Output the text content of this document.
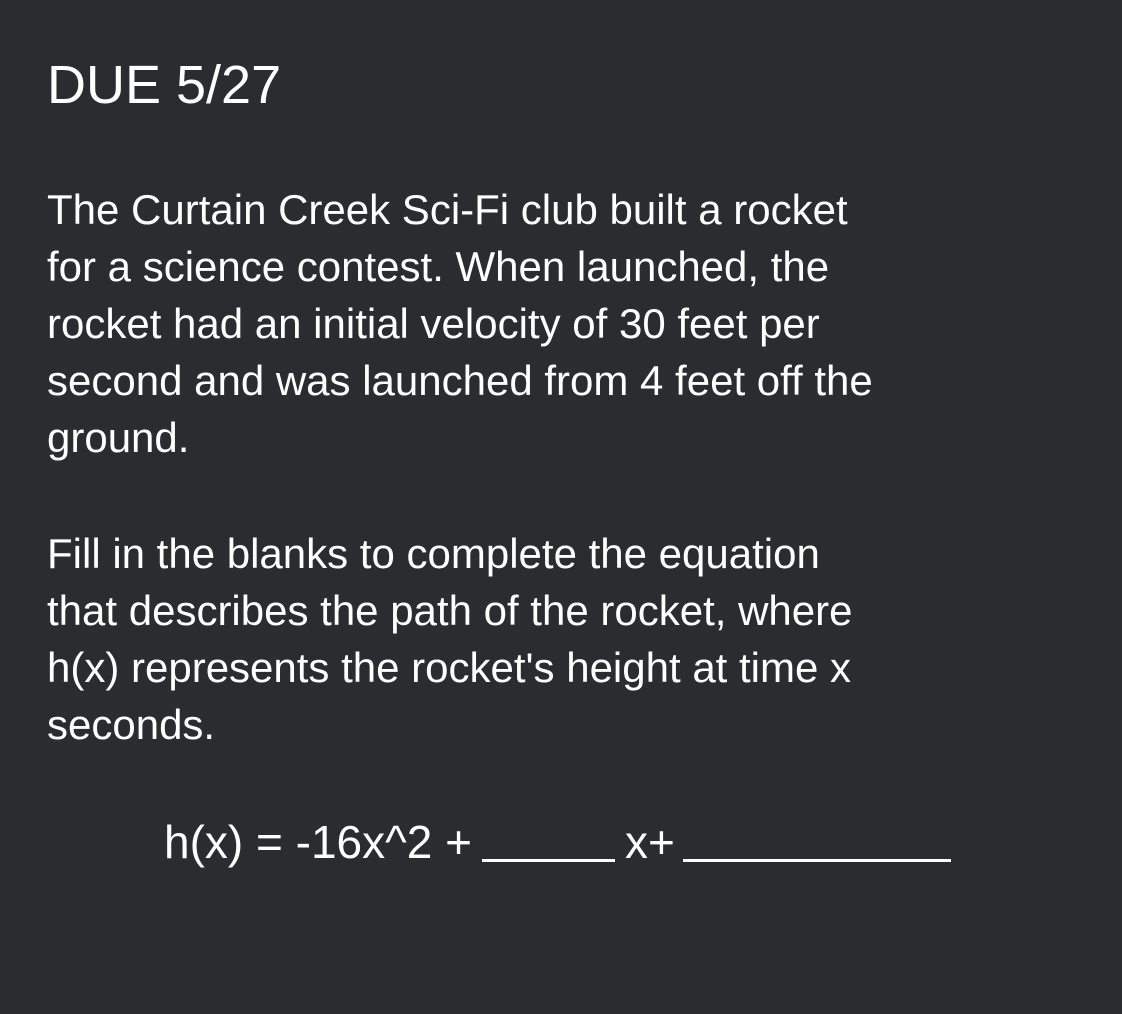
DUE 5/27
The Curtain Creek Sci-Fi club built a rocket
for a science contest. When launched, the
rocket had an initial velocity of 30 feet per
second and was launched from 4 feet off the
ground.
Fill in the blanks to complete the equation
that describes the path of the rocket, where
h(x) represents the rocket's height at time x
seconds.
h(x) = -16x^2 +	x+
